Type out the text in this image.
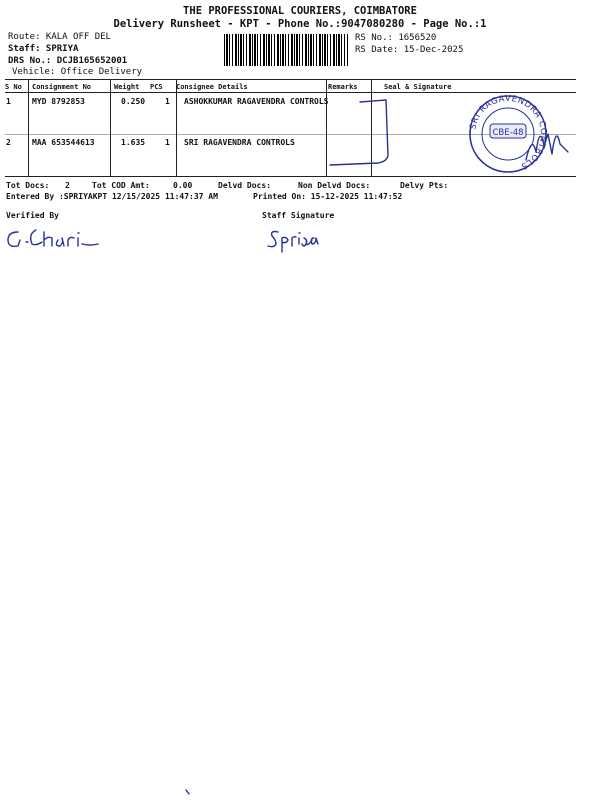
THE PROFESSIONAL COURIERS, COIMBATORE
Delivery Runsheet - KPT - Phone No.:9047080280 - Page No.:1
Route: KALA OFF DEL
Staff: SPRIYA
DRS No.: DCJB165652001
Vehicle: Office Delivery
RS No.: 1656520
RS Date: 15-Dec-2025
S No Consignment No	Weight PCS Consignee Details	Remarks	Seal & Signature
1	MYD 8792853	0.250 1 ASHOKKUMAR RAGAVENDRA CONTROLS
2	MAA 653544613	1.635 1 SRI RAGAVENDRA CONTROLS
SRI RAGAVENDRA CONTROLS
CBE-48
Tot Docs: 2	Tot COD Amt:	0.00	Delvd Docs:	Non Delvd Docs:	Delvy Pts:
Entered By :SPRIYAKPT 12/15/2025 11:47:37 AM	Printed On: 15-12-2025 11:47:52
Verified By	Staff Signature
